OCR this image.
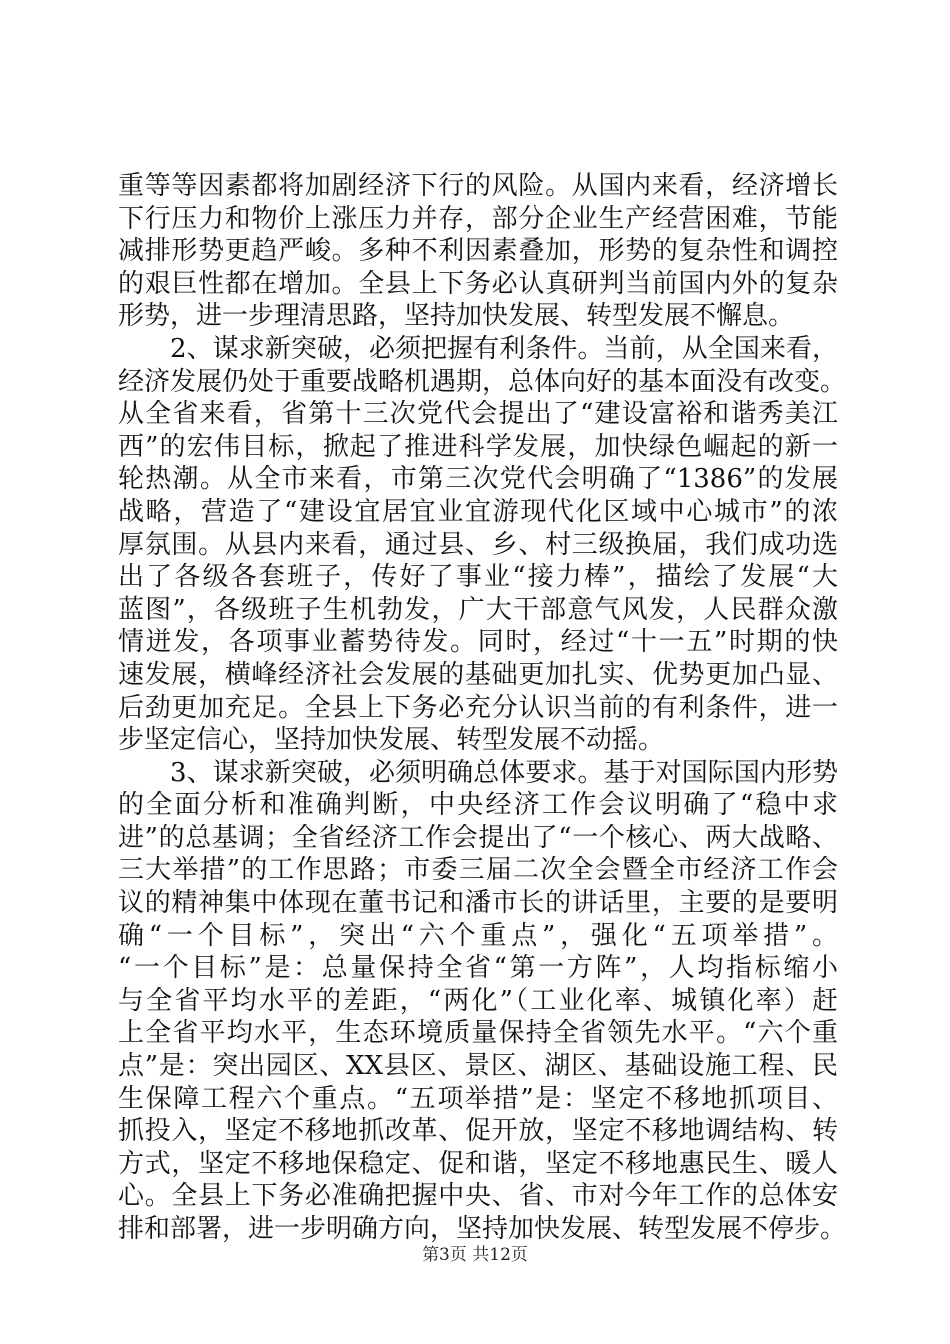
重等等因素都将加剧经济下行的风险。从国内来看，经济增长
下行压力和物价上涨压力并存，部分企业生产经营困难，节能
减排形势更趋严峻。多种不利因素叠加，形势的复杂性和调控
的艰巨性都在增加。全县上下务必认真研判当前国内外的复杂
形势，进一步理清思路，坚持加快发展、转型发展不懈息。
2、谋求新突破，必须把握有利条件。当前，从全国来看，
经济发展仍处于重要战略机遇期，总体向好的基本面没有改变。
从全省来看，省第十三次党代会提出了“建设富裕和谐秀美江
西”的宏伟目标，掀起了推进科学发展，加快绿色崛起的新一
轮热潮。从全市来看，市第三次党代会明确了“1386”的发展
战略，营造了“建设宜居宜业宜游现代化区域中心城市”的浓
厚氛围。从县内来看，通过县、乡、村三级换届，我们成功选
出了各级各套班子，传好了事业“接力棒”，描绘了发展“大
蓝图”，各级班子生机勃发，广大干部意气风发，人民群众激
情迸发，各项事业蓄势待发。同时，经过“十一五”时期的快
速发展，横峰经济社会发展的基础更加扎实、优势更加凸显、
后劲更加充足。全县上下务必充分认识当前的有利条件，进一
步坚定信心，坚持加快发展、转型发展不动摇。
3、谋求新突破，必须明确总体要求。基于对国际国内形势
的全面分析和准确判断，中央经济工作会议明确了“稳中求
进”的总基调；全省经济工作会提出了“一个核心、两大战略、
三大举措”的工作思路；市委三届二次全会暨全市经济工作会
议的精神集中体现在董书记和潘市长的讲话里，主要的是要明
确“一个目标”，突出“六个重点”，强化“五项举措”。
“一个目标”是：总量保持全省“第一方阵”，人均指标缩小
与全省平均水平的差距，“两化”（工业化率、城镇化率）赶
上全省平均水平，生态环境质量保持全省领先水平。“六个重
点”是：突出园区、XX县区、景区、湖区、基础设施工程、民
生保障工程六个重点。“五项举措”是：坚定不移地抓项目、
抓投入，坚定不移地抓改革、促开放，坚定不移地调结构、转
方式，坚定不移地保稳定、促和谐，坚定不移地惠民生、暖人
心。全县上下务必准确把握中央、省、市对今年工作的总体安
排和部署，进一步明确方向，坚持加快发展、转型发展不停步。
第3页 共12页
